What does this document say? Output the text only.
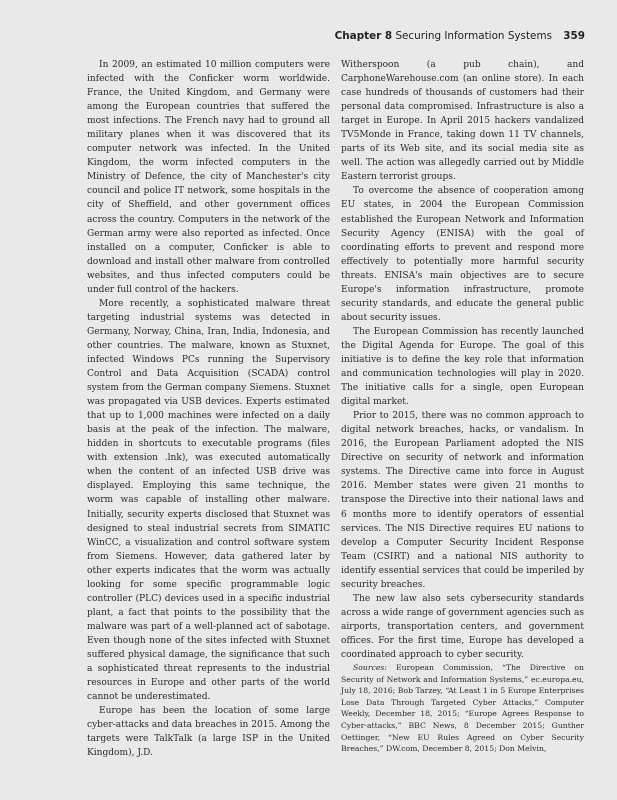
Chapter 8 Securing Information Systems 359

In 2009, an estimated 10 million computers were infected with the Conficker worm worldwide. France, the United Kingdom, and Germany were among the European countries that suffered the most infections. The French navy had to ground all military planes when it was discovered that its computer network was infected. In the United Kingdom, the worm infected computers in the Ministry of Defence, the city of Manchester's city council and police IT network, some hospitals in the city of Sheffield, and other government offices across the country. Computers in the network of the German army were also reported as infected. Once installed on a computer, Conficker is able to download and install other malware from controlled websites, and thus infected computers could be under full control of the hackers.

More recently, a sophisticated malware threat targeting industrial systems was detected in Germany, Norway, China, Iran, India, Indonesia, and other countries. The malware, known as Stuxnet, infected Windows PCs running the Supervisory Control and Data Acquisition (SCADA) control system from the German company Siemens. Stuxnet was propagated via USB devices. Experts estimated that up to 1,000 machines were infected on a daily basis at the peak of the infection. The malware, hidden in shortcuts to executable programs (files with extension .lnk), was executed automatically when the content of an infected USB drive was displayed. Employing this same technique, the worm was capable of installing other malware. Initially, security experts disclosed that Stuxnet was designed to steal industrial secrets from SIMATIC WinCC, a visualization and control software system from Siemens. However, data gathered later by other experts indicates that the worm was actually looking for some specific programmable logic controller (PLC) devices used in a specific industrial plant, a fact that points to the possibility that the malware was part of a well-planned act of sabotage. Even though none of the sites infected with Stuxnet suffered physical damage, the significance that such a sophisticated threat represents to the industrial resources in Europe and other parts of the world cannot be underestimated.

Europe has been the location of some large cyber-attacks and data breaches in 2015. Among the targets were TalkTalk (a large ISP in the United Kingdom), J.D.

Witherspoon (a pub chain), and CarphoneWarehouse.com (an online store). In each case hundreds of thousands of customers had their personal data compromised. Infrastructure is also a target in Europe. In April 2015 hackers vandalized TV5Monde in France, taking down 11 TV channels, parts of its Web site, and its social media site as well. The action was allegedly carried out by Middle Eastern terrorist groups.

To overcome the absence of cooperation among EU states, in 2004 the European Commission established the European Network and Information Security Agency (ENISA) with the goal of coordinating efforts to prevent and respond more effectively to potentially more harmful security threats. ENISA's main objectives are to secure Europe's information infrastructure, promote security standards, and educate the general public about security issues.

The European Commission has recently launched the Digital Agenda for Europe. The goal of this initiative is to define the key role that information and communication technologies will play in 2020. The initiative calls for a single, open European digital market.

Prior to 2015, there was no common approach to digital network breaches, hacks, or vandalism. In 2016, the European Parliament adopted the NIS Directive on security of network and information systems. The Directive came into force in August 2016. Member states were given 21 months to transpose the Directive into their national laws and 6 months more to identify operators of essential services. The NIS Directive requires EU nations to develop a Computer Security Incident Response Team (CSIRT) and a national NIS authority to identify essential services that could be imperiled by security breaches.

The new law also sets cybersecurity standards across a wide range of government agencies such as airports, transportation centers, and government offices. For the first time, Europe has developed a coordinated approach to cyber security.

Sources: European Commission, “The Directive on Security of Network and Information Systems,” ec.europa.eu, July 18, 2016; Bob Tarzey, “At Least 1 in 5 Europe Enterprises Lose Data Through Targeted Cyber Attacks,” Computer Weekly, December 18, 2015; “Europe Agrees Response to Cyber-attacks,” BBC News, 8 December 2015; Gunther Oettinger, “New EU Rules Agreed on Cyber Security Breaches,” DW.com, December 8, 2015; Don Melvin,
